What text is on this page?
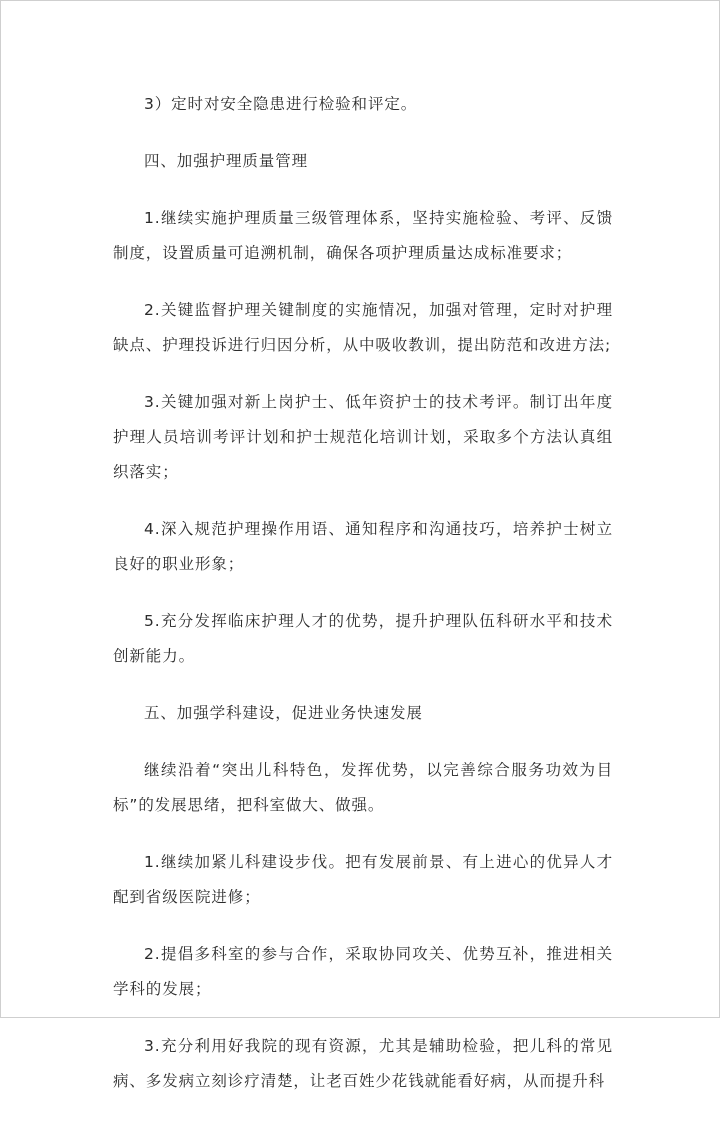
3）定时对安全隐患进行检验和评定。

四、加强护理质量管理

1.继续实施护理质量三级管理体系，坚持实施检验、考评、反馈制度，设置质量可追溯机制，确保各项护理质量达成标准要求；

2.关键监督护理关键制度的实施情况，加强对管理，定时对护理缺点、护理投诉进行归因分析，从中吸收教训，提出防范和改进方法;

3.关键加强对新上岗护士、低年资护士的技术考评。制订出年度护理人员培训考评计划和护士规范化培训计划，采取多个方法认真组织落实；

4.深入规范护理操作用语、通知程序和沟通技巧，培养护士树立良好的职业形象；

5.充分发挥临床护理人才的优势，提升护理队伍科研水平和技术创新能力。

五、加强学科建设，促进业务快速发展

继续沿着“突出儿科特色，发挥优势，以完善综合服务功效为目标”的发展思绪，把科室做大、做强。

1.继续加紧儿科建设步伐。把有发展前景、有上进心的优异人才配到省级医院进修；

2.提倡多科室的参与合作，采取协同攻关、优势互补，推进相关学科的发展；

3.充分利用好我院的现有资源，尤其是辅助检验，把儿科的常见病、多发病立刻诊疗清楚，让老百姓少花钱就能看好病，从而提升科
